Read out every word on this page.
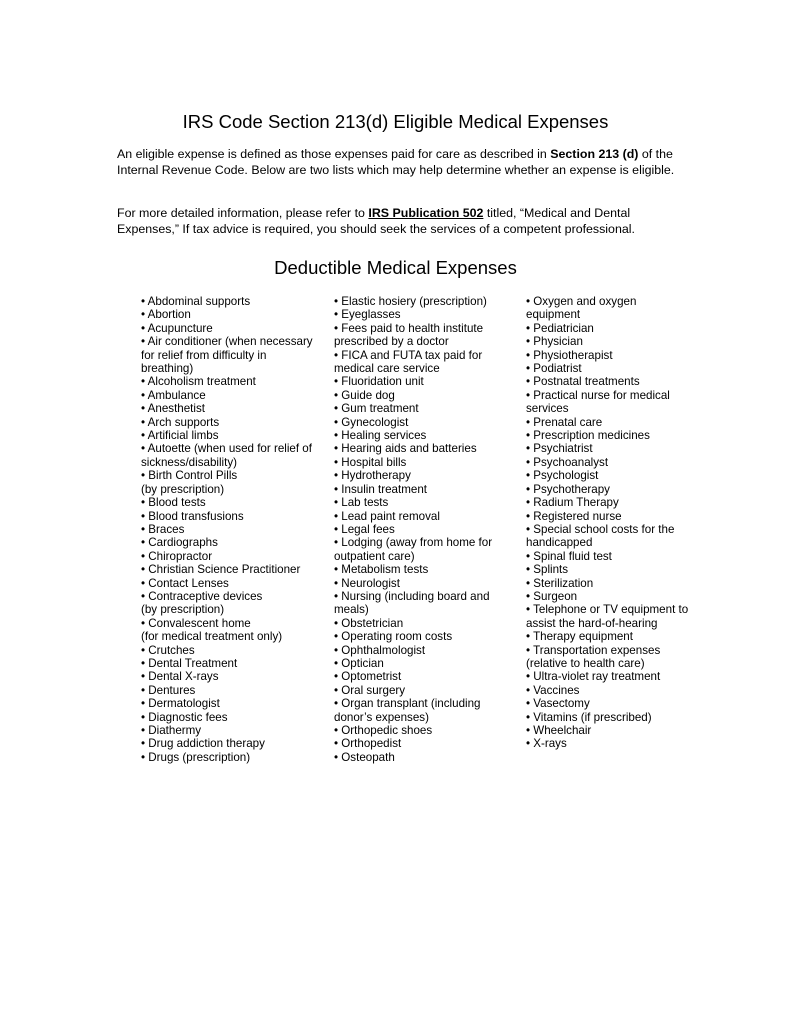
IRS Code Section 213(d) Eligible Medical Expenses
An eligible expense is defined as those expenses paid for care as described in Section 213 (d) of the Internal Revenue Code. Below are two lists which may help determine whether an expense is eligible.
For more detailed information, please refer to IRS Publication 502 titled, “Medical and Dental Expenses,” If tax advice is required, you should seek the services of a competent professional.
Deductible Medical Expenses
• Abdominal supports
• Abortion
• Acupuncture
• Air conditioner (when necessary
for relief from difficulty in
breathing)
• Alcoholism treatment
• Ambulance
• Anesthetist
• Arch supports
• Artificial limbs
• Autoette (when used for relief of
sickness/disability)
• Birth Control Pills
(by prescription)
• Blood tests
• Blood transfusions
• Braces
• Cardiographs
• Chiropractor
• Christian Science Practitioner
• Contact Lenses
• Contraceptive devices
(by prescription)
• Convalescent home
(for medical treatment only)
• Crutches
• Dental Treatment
• Dental X-rays
• Dentures
• Dermatologist
• Diagnostic fees
• Diathermy
• Drug addiction therapy
• Drugs (prescription)
• Elastic hosiery (prescription)
• Eyeglasses
• Fees paid to health institute
prescribed by a doctor
• FICA and FUTA tax paid for
medical care service
• Fluoridation unit
• Guide dog
• Gum treatment
• Gynecologist
• Healing services
• Hearing aids and batteries
• Hospital bills
• Hydrotherapy
• Insulin treatment
• Lab tests
• Lead paint removal
• Legal fees
• Lodging (away from home for
outpatient care)
• Metabolism tests
• Neurologist
• Nursing (including board and
meals)
• Obstetrician
• Operating room costs
• Ophthalmologist
• Optician
• Optometrist
• Oral surgery
• Organ transplant (including
donor’s expenses)
• Orthopedic shoes
• Orthopedist
• Osteopath
• Oxygen and oxygen
equipment
• Pediatrician
• Physician
• Physiotherapist
• Podiatrist
• Postnatal treatments
• Practical nurse for medical
services
• Prenatal care
• Prescription medicines
• Psychiatrist
• Psychoanalyst
• Psychologist
• Psychotherapy
• Radium Therapy
• Registered nurse
• Special school costs for the
handicapped
• Spinal fluid test
• Splints
• Sterilization
• Surgeon
• Telephone or TV equipment to
assist the hard-of-hearing
• Therapy equipment
• Transportation expenses
(relative to health care)
• Ultra-violet ray treatment
• Vaccines
• Vasectomy
• Vitamins (if prescribed)
• Wheelchair
• X-rays
